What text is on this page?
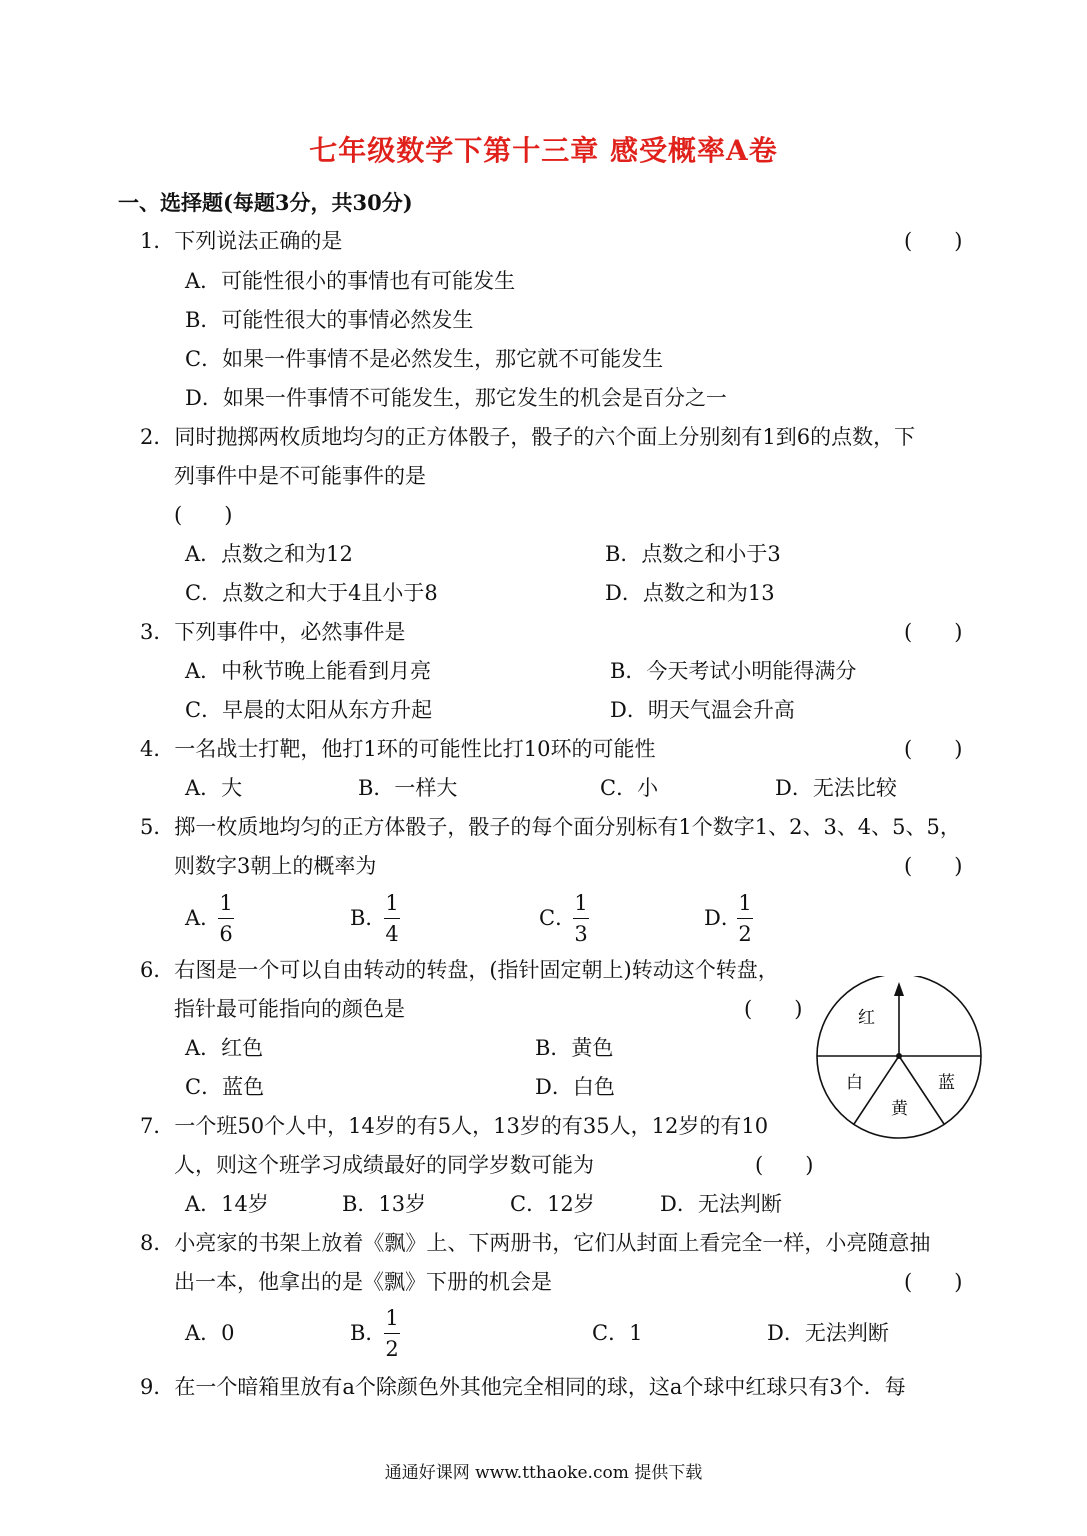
七年级数学下第十三章 感受概率A卷
一、选择题(每题3分，共30分)
1．下列说法正确的是	(　　)
A．可能性很小的事情也有可能发生
B．可能性很大的事情必然发生
C．如果一件事情不是必然发生，那它就不可能发生
D．如果一件事情不可能发生，那它发生的机会是百分之一
2．同时抛掷两枚质地均匀的正方体骰子，骰子的六个面上分别刻有1到6的点数，下
列事件中是不可能事件的是
(　　)
A．点数之和为12	B．点数之和小于3
C．点数之和大于4且小于8	D．点数之和为13
3．下列事件中，必然事件是	(　　)
A．中秋节晚上能看到月亮	B．今天考试小明能得满分
C．早晨的太阳从东方升起	D．明天气温会升高
4．一名战士打靶，他打1环的可能性比打10环的可能性	(　　)
A．大	B．一样大	C．小	D．无法比较
5．掷一枚质地均匀的正方体骰子，骰子的每个面分别标有1个数字1、2、3、4、5、5，
则数字3朝上的概率为	(　　)
A．
1
6
B．
1
4
C．
1
3
D．
1
2
6．右图是一个可以自由转动的转盘，(指针固定朝上)转动这个转盘，
指针最可能指向的颜色是	(　　)
A．红色	B．黄色
C．蓝色	D．白色
红
白
黄
蓝
7．一个班50个人中，14岁的有5人，13岁的有35人，12岁的有10
人，则这个班学习成绩最好的同学岁数可能为	(　　)
A．14岁	B．13岁	C．12岁	D．无法判断
8．小亮家的书架上放着《飘》上、下两册书，它们从封面上看完全一样，小亮随意抽
出一本，他拿出的是《飘》下册的机会是	(　　)
A．0	B．
1
2
C．1	D．无法判断
9．在一个暗箱里放有a个除颜色外其他完全相同的球，这a个球中红球只有3个．每
通通好课网 www.tthaoke.com 提供下载
